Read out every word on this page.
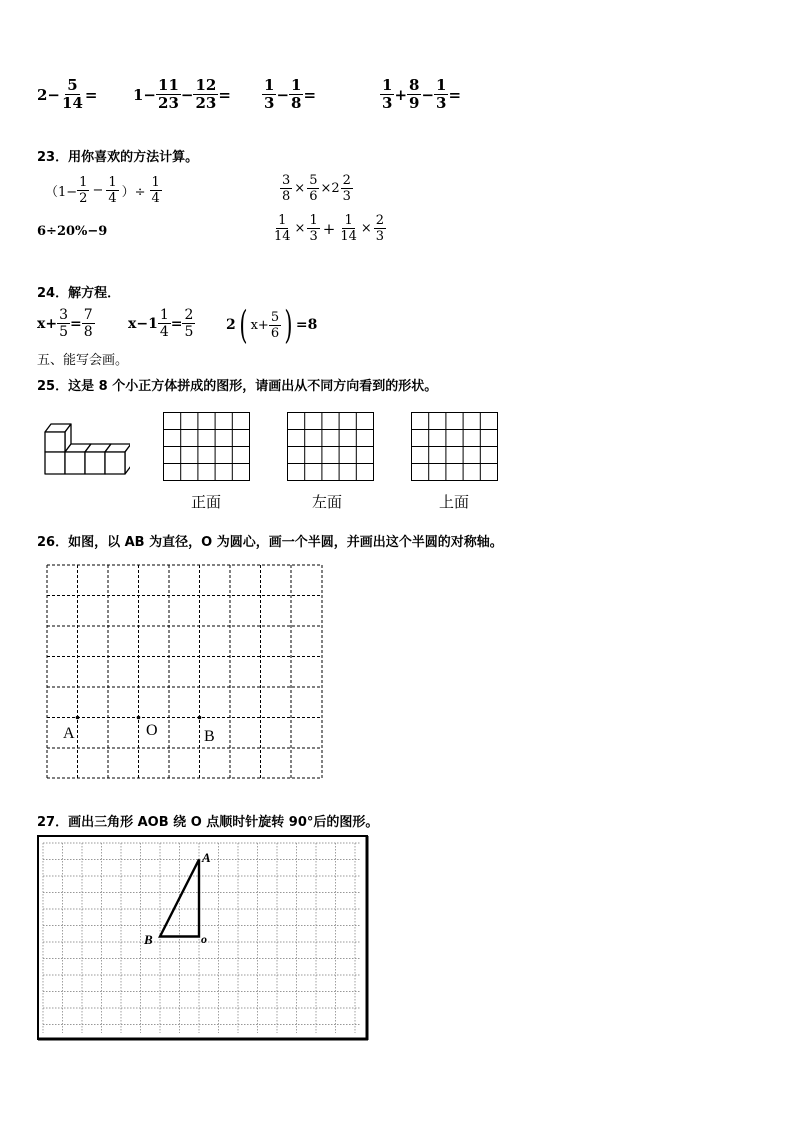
$2- \frac{5}{14} = 1- \frac{11}{23} - \frac{12}{23} = \frac{1}{3} - \frac{1}{8}$ =	$\frac{1}{3} + \frac{8}{9} - \frac{1}{3}$ =
23．用你喜欢的方法计算。
（$1- \frac{1}{2} - \frac{1}{4}$ ）÷ $\frac{1}{4}$	$\frac{3}{8} \times \frac{5}{6} \times 2 \frac{2}{3}$
6÷20%−9	$\frac{1}{14} \times \frac{1}{3} + \frac{1}{14} \times \frac{2}{3}$
24．解方程．
$x+ \frac{3}{5} = \frac{7}{8} x-1 \frac{1}{4} = \frac{2}{5} 2$ ( $x+ \frac{5}{6}$ ) =8
五、能写会画。
25．这是 8 个小正方体拼成的图形，请画出从不同方向看到的形状。
正面	左面	上面
26．如图，以 AB 为直径，O 为圆心，画一个半圆，并画出这个半圆的对称轴。
A	O	B
27．画出三角形 AOB 绕 O 点顺时针旋转 90°后的图形。
A
B	o
